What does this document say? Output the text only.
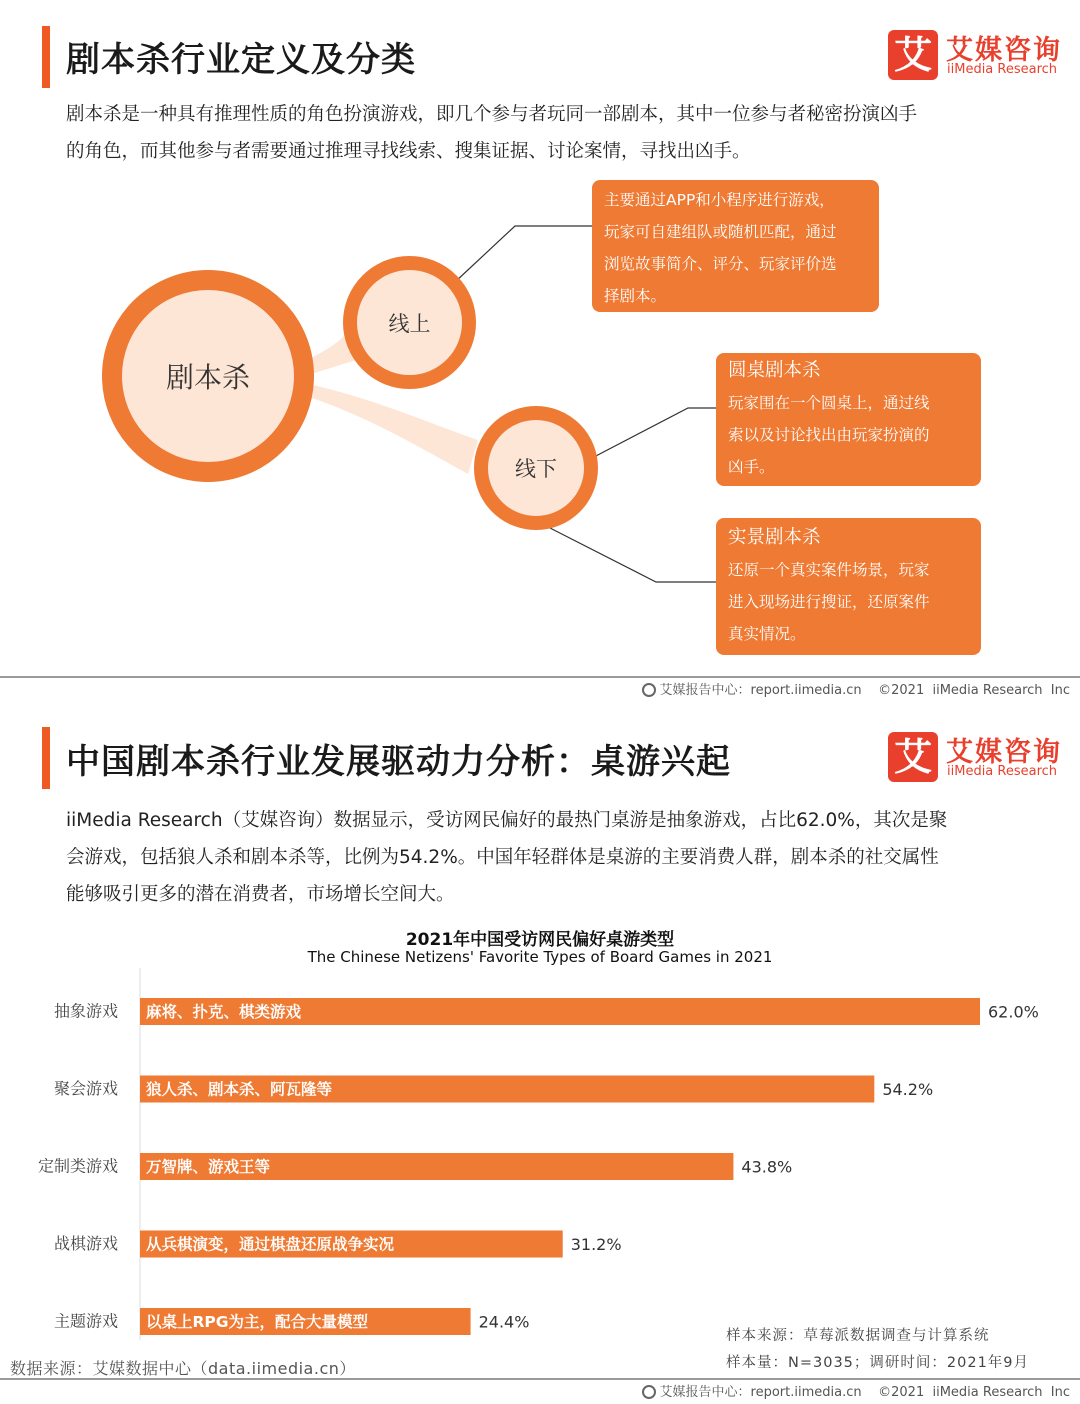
剧本杀行业定义及分类	艾 艾媒咨询
iiMedia Research
剧本杀是一种具有推理性质的角色扮演游戏，即几个参与者玩同一部剧本，其中一位参与者秘密扮演凶手
的角色，而其他参与者需要通过推理寻找线索、搜集证据、讨论案情，寻找出凶手。
剧本杀
线上
线下
主要通过APP和小程序进行游戏，
玩家可自建组队或随机匹配，通过
浏览故事简介、评分、玩家评价选
择剧本。
圆桌剧本杀
玩家围在一个圆桌上，通过线
索以及讨论找出由玩家扮演的
凶手。
实景剧本杀
还原一个真实案件场景，玩家
进入现场进行搜证，还原案件
真实情况。
艾媒报告中心：report.iimedia.cn    ©2021  iiMedia Research  Inc
中国剧本杀行业发展驱动力分析：桌游兴起	艾 艾媒咨询
iiMedia Research
iiMedia Research（艾媒咨询）数据显示，受访网民偏好的最热门桌游是抽象游戏，占比62.0%，其次是聚
会游戏，包括狼人杀和剧本杀等，比例为54.2%。中国年轻群体是桌游的主要消费人群，剧本杀的社交属性
能够吸引更多的潜在消费者，市场增长空间大。
2021年中国受访网民偏好桌游类型
The Chinese Netizens' Favorite Types of Board Games in 2021
抽象游戏 麻将、扑克、棋类游戏	62.0%
聚会游戏 狼人杀、剧本杀、阿瓦隆等	54.2%
定制类游戏 万智牌、游戏王等	43.8%
战棋游戏 从兵棋演变，通过棋盘还原战争实况	31.2%
主题游戏 以桌上RPG为主，配合大量模型	24.4%
数据来源：艾媒数据中心（data.iimedia.cn）
样本来源：草莓派数据调查与计算系统
样本量：N=3035；调研时间：2021年9月
艾媒报告中心：report.iimedia.cn    ©2021  iiMedia Research  Inc
